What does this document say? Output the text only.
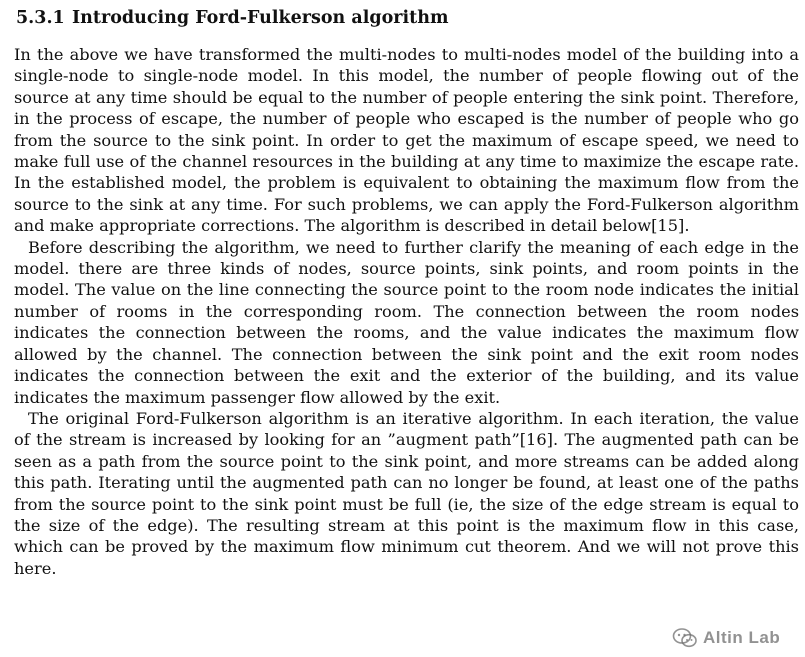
5.3.1 Introducing Ford-Fulkerson algorithm

In the above we have transformed the multi-nodes to multi-nodes model of the building into a single-node to single-node model. In this model, the number of people flowing out of the source at any time should be equal to the number of people entering the sink point. Therefore, in the process of escape, the number of people who escaped is the number of people who go from the source to the sink point. In order to get the maximum of escape speed, we need to make full use of the channel resources in the building at any time to maximize the escape rate. In the established model, the problem is equivalent to obtaining the maximum flow from the source to the sink at any time. For such problems, we can apply the Ford-Fulkerson algorithm and make appropriate corrections. The algorithm is described in detail below[15].

Before describing the algorithm, we need to further clarify the meaning of each edge in the model. there are three kinds of nodes, source points, sink points, and room points in the model. The value on the line connecting the source point to the room node indicates the initial number of rooms in the corresponding room. The connection between the room nodes indicates the connection between the rooms, and the value indicates the maximum flow allowed by the channel. The connection between the sink point and the exit room nodes indicates the connection between the exit and the exterior of the building, and its value indicates the maximum passenger flow allowed by the exit.

The original Ford-Fulkerson algorithm is an iterative algorithm. In each iteration, the value of the stream is increased by looking for an ”augment path”[16]. The augmented path can be seen as a path from the source point to the sink point, and more streams can be added along this path. Iterating until the augmented path can no longer be found, at least one of the paths from the source point to the sink point must be full (ie, the size of the edge stream is equal to the size of the edge). The resulting stream at this point is the maximum flow in this case, which can be proved by the maximum flow minimum cut theorem. And we will not prove this here.

Altin Lab
